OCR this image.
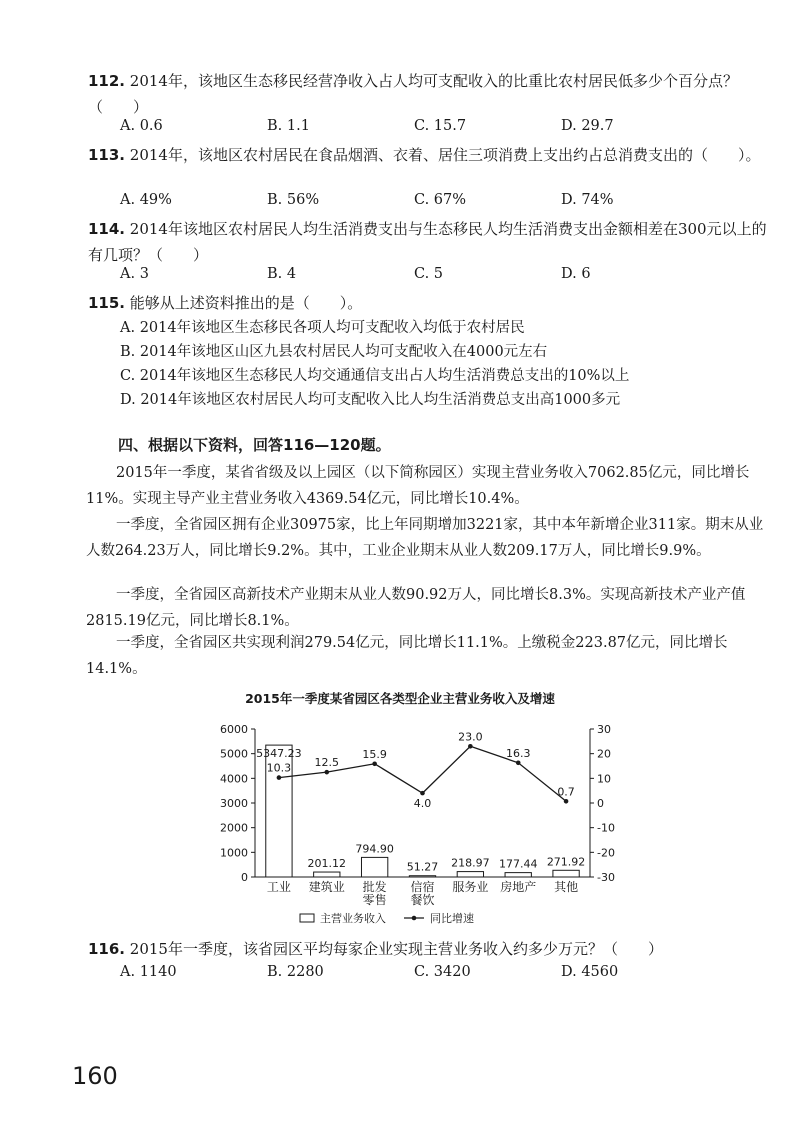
112. 2014年，该地区生态移民经营净收入占人均可支配收入的比重比农村居民低多少个百分点？（　　）
A. 0.6	B. 1.1	C. 15.7	D. 29.7
113. 2014年，该地区农村居民在食品烟酒、衣着、居住三项消费上支出约占总消费支出的（　　）。
A. 49%	B. 56%	C. 67%	D. 74%
114. 2014年该地区农村居民人均生活消费支出与生态移民人均生活消费支出金额相差在300元以上的有几项？（　　）
A. 3	B. 4	C. 5	D. 6
115. 能够从上述资料推出的是（　　）。
A. 2014年该地区生态移民各项人均可支配收入均低于农村居民
B. 2014年该地区山区九县农村居民人均可支配收入在4000元左右
C. 2014年该地区生态移民人均交通通信支出占人均生活消费总支出的10%以上
D. 2014年该地区农村居民人均可支配收入比人均生活消费总支出高1000多元
四、根据以下资料，回答116—120题。
2015年一季度，某省省级及以上园区（以下简称园区）实现主营业务收入7062.85亿元，同比增长11%。实现主导产业主营业务收入4369.54亿元，同比增长10.4%。
一季度，全省园区拥有企业30975家，比上年同期增加3221家，其中本年新增企业311家。期末从业人数264.23万人，同比增长9.2%。其中，工业企业期末从业人数209.17万人，同比增长9.9%。
一季度，全省园区高新技术产业期末从业人数90.92万人，同比增长8.3%。实现高新技术产业产值2815.19亿元，同比增长8.1%。
一季度，全省园区共实现利润279.54亿元，同比增长11.1%。上缴税金223.87亿元，同比增长14.1%。
2015年一季度某省园区各类型企业主营业务收入及增速
0
1000
2000
3000
4000
5000
6000
-30
-20
-10
0
10
20
30
5347.23
201.12
794.90
51.27 218.97 177.44 271.92
10.3 12.5
15.9
4.0
23.0
16.3
0.7
工业 建筑业 批发
零售
信宿
餐饮
服务业 房地产 其他
主营业务收入	同比增速
116. 2015年一季度，该省园区平均每家企业实现主营业务收入约多少万元？（　　）
A. 1140	B. 2280	C. 3420	D. 4560
160
